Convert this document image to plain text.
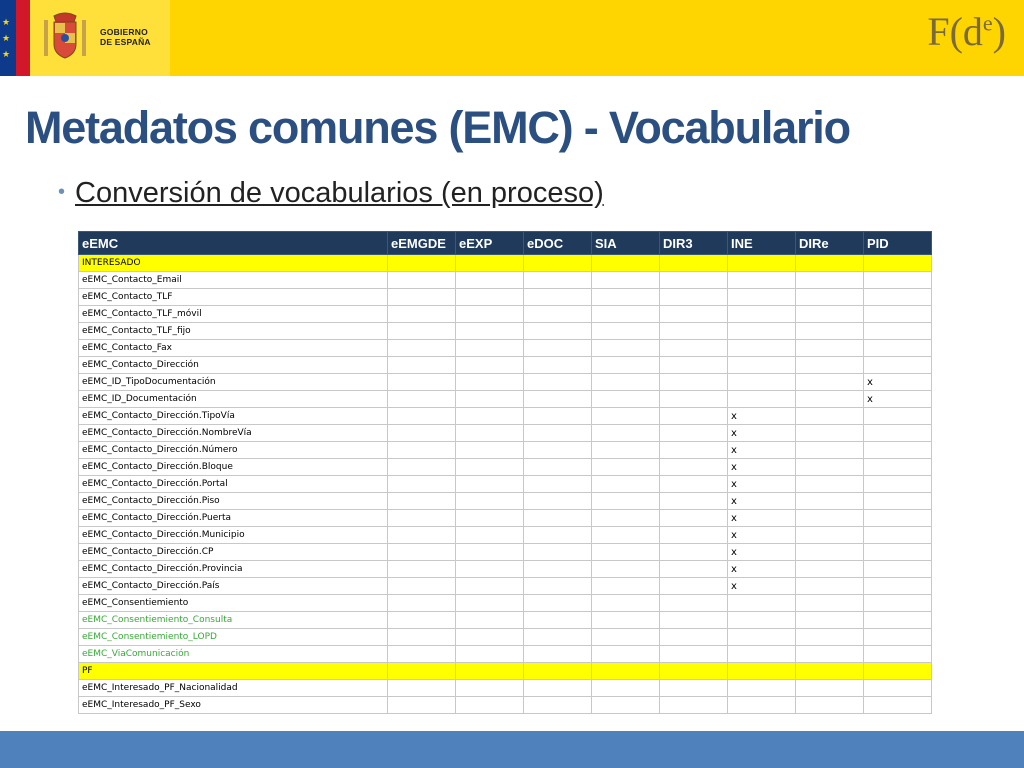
★
★
★
GOBIERNO
DE ESPAÑA	$F(d^e)$
Metadatos comunes (EMC) - Vocabulario
• Conversión de vocabularios (en proceso)
eEMC	eEMGDE	eEXP	eDOC	SIA	DIR3	INE	DIRe	PID
INTERESADO								
eEMC_Contacto_Email								
eEMC_Contacto_TLF								
eEMC_Contacto_TLF_móvil								
eEMC_Contacto_TLF_fijo								
eEMC_Contacto_Fax								
eEMC_Contacto_Dirección								
eEMC_ID_TipoDocumentación								x
eEMC_ID_Documentación								x
eEMC_Contacto_Dirección.TipoVía						x		
eEMC_Contacto_Dirección.NombreVía						x		
eEMC_Contacto_Dirección.Número						x		
eEMC_Contacto_Dirección.Bloque						x		
eEMC_Contacto_Dirección.Portal						x		
eEMC_Contacto_Dirección.Piso						x		
eEMC_Contacto_Dirección.Puerta						x		
eEMC_Contacto_Dirección.Municipio						x		
eEMC_Contacto_Dirección.CP						x		
eEMC_Contacto_Dirección.Provincia						x		
eEMC_Contacto_Dirección.País						x		
eEMC_Consentiemiento								
eEMC_Consentiemiento_Consulta								
eEMC_Consentiemiento_LOPD								
eEMC_ViaComunicación								
PF								
eEMC_Interesado_PF_Nacionalidad								
eEMC_Interesado_PF_Sexo								
